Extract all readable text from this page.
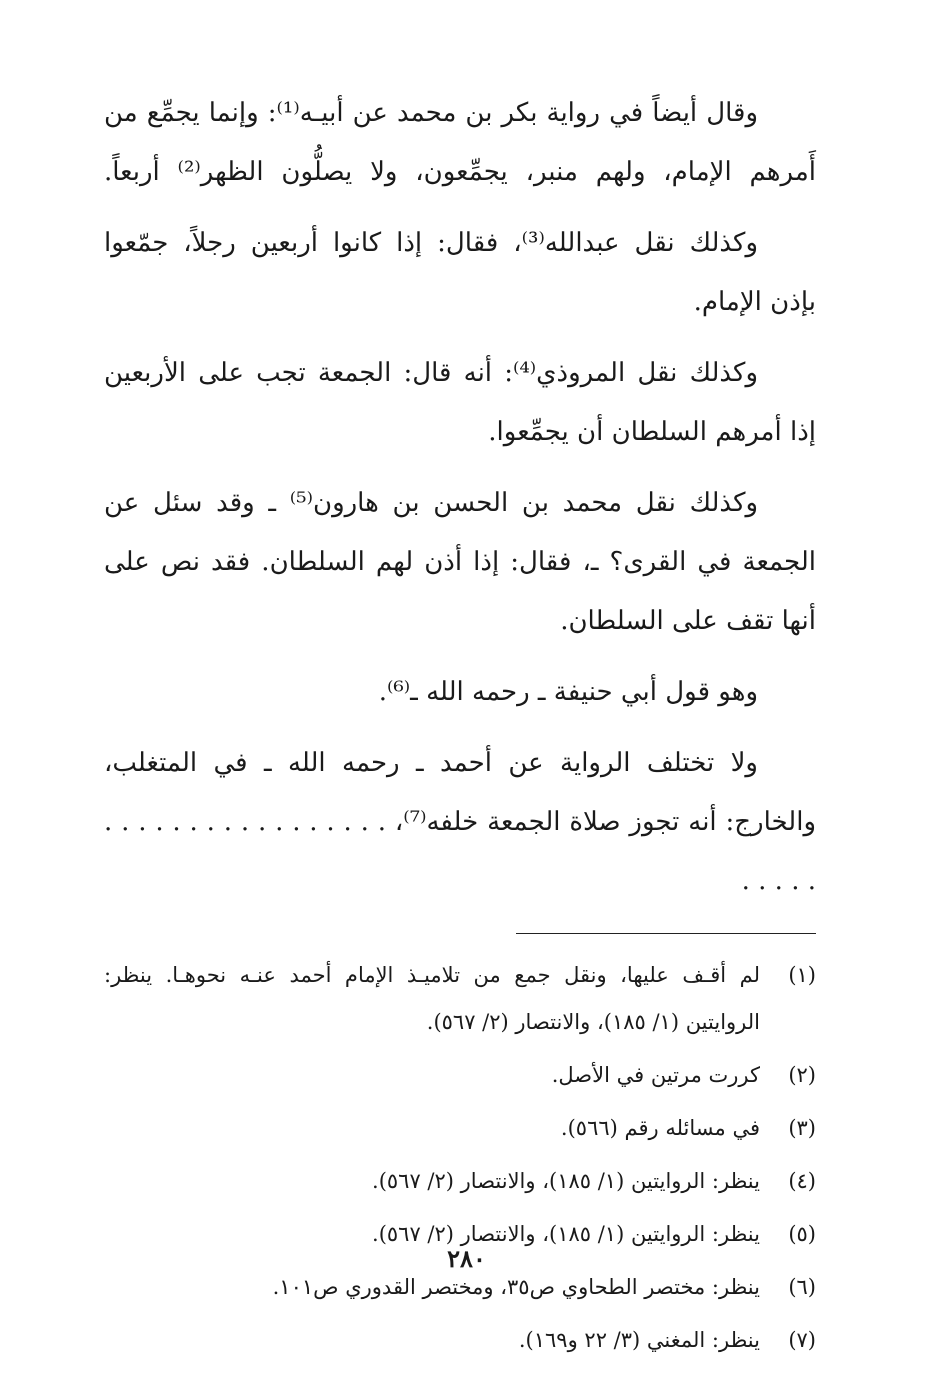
وقال أيضاً في رواية بكر بن محمد عن أبيـه⁽¹⁾: وإنما يجمِّع من أَمرهم الإمام، ولهم منبر، يجمِّعون، ولا يصلُّون الظهر⁽²⁾ أربعاً.

وكذلك نقل عبدالله⁽³⁾، فقال: إذا كانوا أربعين رجلاً، جمّعوا بإذن الإمام.

وكذلك نقل المروذي⁽⁴⁾: أنه قال: الجمعة تجب على الأربعين إذا أمرهم السلطان أن يجمِّعوا.

وكذلك نقل محمد بن الحسن بن هارون⁽⁵⁾ ـ وقد سئل عن الجمعة في القرى؟ ـ، فقال: إذا أذن لهم السلطان. فقد نص على أنها تقف على السلطان.

وهو قول أبي حنيفة ـ رحمه الله ـ⁽⁶⁾.

ولا تختلف الرواية عن أحمد ـ رحمه الله ـ في المتغلب، والخارج: أنه تجوز صلاة الجمعة خلفه⁽⁷⁾، . . . . . . . . . . . . . . . . . . . . . .

(١)
لم أقـف عليها، ونقل جمع من تلاميـذ الإمام أحمد عنـه نحوهـا. ينظر: الروايتين (١/ ١٨٥)، والانتصار (٢/ ٥٦٧).
(٢)
كررت مرتين في الأصل.
(٣)
في مسائله رقم (٥٦٦).
(٤)
ينظر: الروايتين (١/ ١٨٥)، والانتصار (٢/ ٥٦٧).
(٥)
ينظر: الروايتين (١/ ١٨٥)، والانتصار (٢/ ٥٦٧).
(٦)
ينظر: مختصر الطحاوي ص٣٥، ومختصر القدوري ص١٠١.
(٧)
ينظر: المغني (٣/ ٢٢ و١٦٩).
٢٨٠
